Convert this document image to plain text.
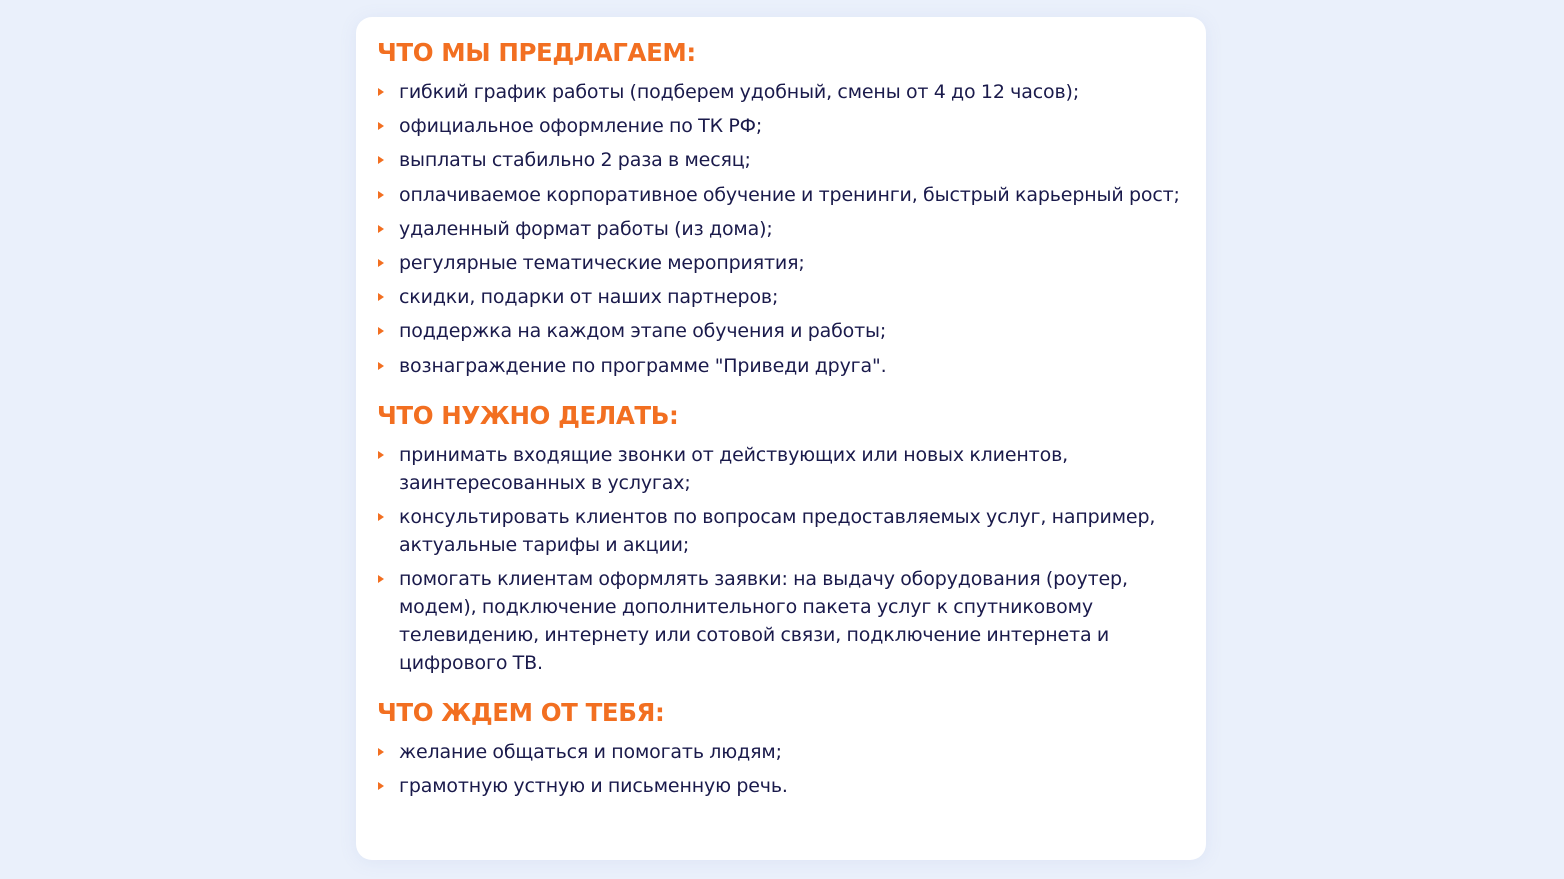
ЧТО МЫ ПРЕДЛАГАЕМ:
гибкий график работы (подберем удобный, смены от 4 до 12 часов);
официальное оформление по ТК РФ;
выплаты стабильно 2 раза в месяц;
оплачиваемое корпоративное обучение и тренинги, быстрый карьерный рост;
удаленный формат работы (из дома);
регулярные тематические мероприятия;
скидки, подарки от наших партнеров;
поддержка на каждом этапе обучения и работы;
вознаграждение по программе "Приведи друга".
ЧТО НУЖНО ДЕЛАТЬ:
принимать входящие звонки от действующих или новых клиентов, заинтересованных в услугах;
консультировать клиентов по вопросам предоставляемых услуг, например, актуальные тарифы и акции;
помогать клиентам оформлять заявки: на выдачу оборудования (роутер, модем), подключение дополнительного пакета услуг к спутниковому телевидению, интернету или сотовой связи, подключение интернета и цифрового ТВ.
ЧТО ЖДЕМ ОТ ТЕБЯ:
желание общаться и помогать людям;
грамотную устную и письменную речь.
